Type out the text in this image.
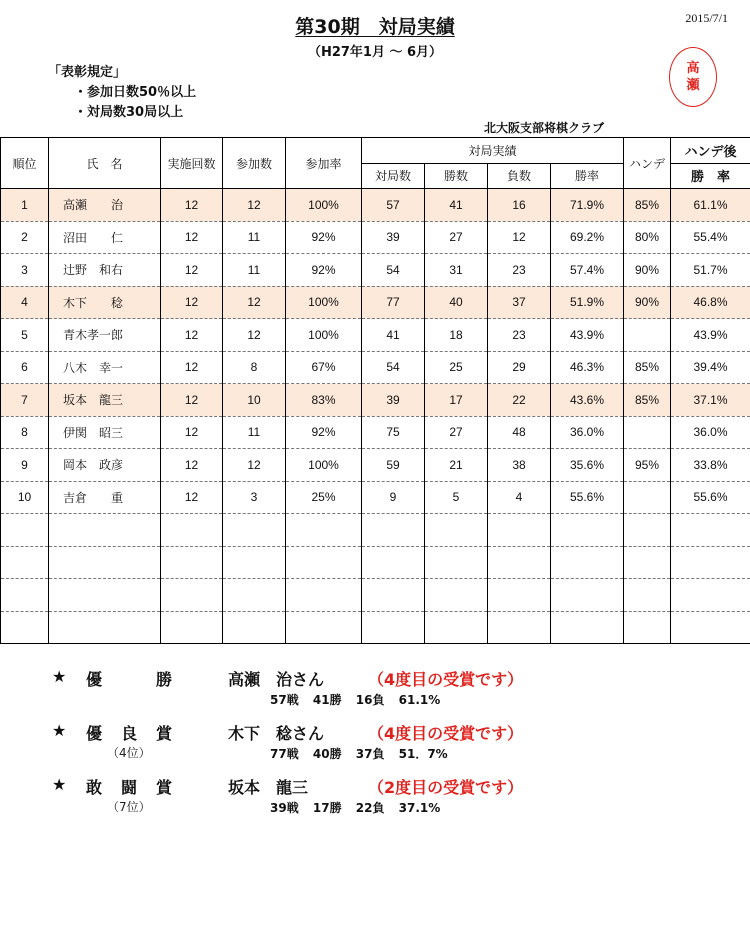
第30期　対局実績
（H27年1月 ～ 6月）
2015/7/1
「表彰規定」
・参加日数50％以上
・対局数30局以上
高
瀬
北大阪支部将棋クラブ
順位	氏　名	実施回数	参加数	参加率	対局実績				ハンデ	ハンデ後
					対局数	勝数	負数	勝率		勝　率
1	高瀬　　治	12	12	100%	57	41	16	71.9%	85%	61.1%
2	沼田　　仁	12	11	92%	39	27	12	69.2%	80%	55.4%
3	辻野　和右	12	11	92%	54	31	23	57.4%	90%	51.7%
4	木下　　稔	12	12	100%	77	40	37	51.9%	90%	46.8%
5	青木孝一郎	12	12	100%	41	18	23	43.9%		43.9%
6	八木　幸一	12	8	67%	54	25	29	46.3%	85%	39.4%
7	坂本　龍三	12	10	83%	39	17	22	43.6%	85%	37.1%
8	伊関　昭三	12	11	92%	75	27	48	36.0%		36.0%
9	岡本　政彦	12	12	100%	59	21	38	35.6%	95%	33.8%
10	吉倉　　重	12	3	25%	9	5	4	55.6%		55.6%

★ 優	勝	高瀬　治さん	（4度目の受賞です）
57戦 41勝 16負 61.1%
★ 優 良 賞
（4位）
木下　稔さん	（4度目の受賞です）
77戦 40勝 37負 51．7%
★ 敢 闘 賞
（7位）
坂本　龍三	（2度目の受賞です）
39戦 17勝 22負 37.1%
